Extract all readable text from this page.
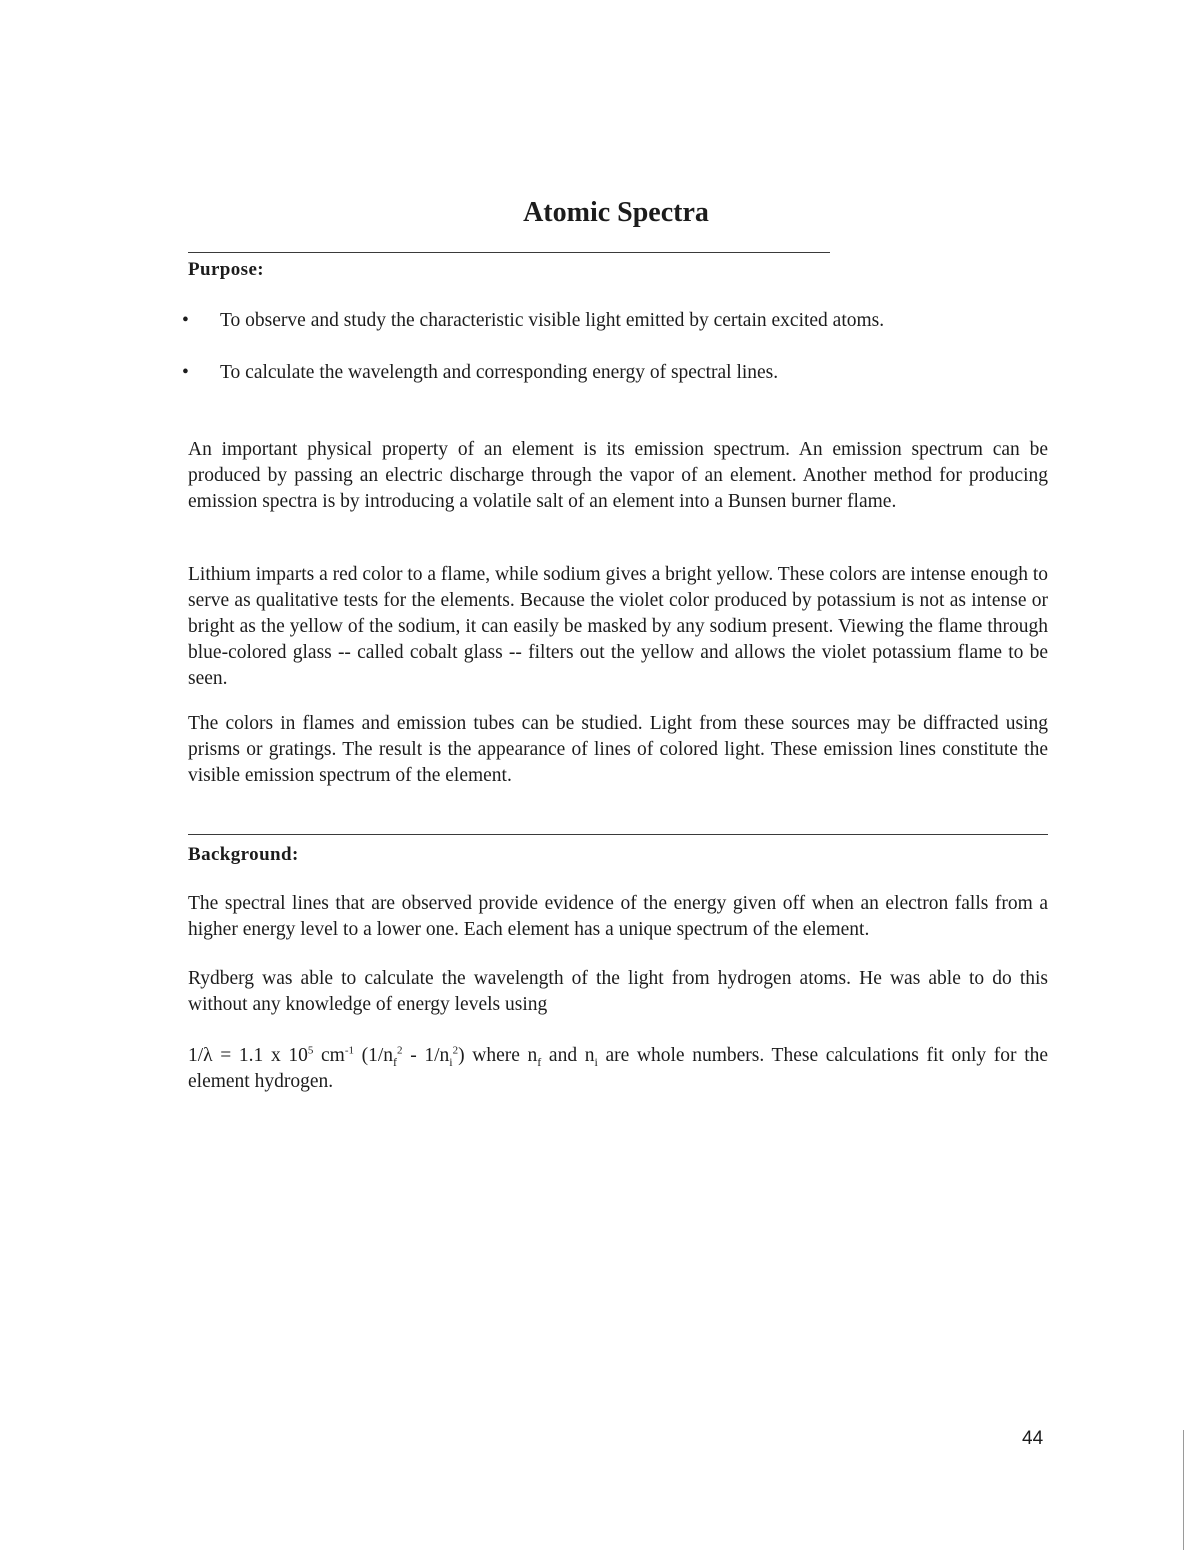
Atomic Spectra
Purpose:
• To observe and study the characteristic visible light emitted by certain excited atoms.
• To calculate the wavelength and corresponding energy of spectral lines.

An important physical property of an element is its emission spectrum. An emission spectrum can be produced by passing an electric discharge through the vapor of an element. Another method for producing emission spectra is by introducing a volatile salt of an element into a Bunsen burner flame.

Lithium imparts a red color to a flame, while sodium gives a bright yellow. These colors are intense enough to serve as qualitative tests for the elements. Because the violet color produced by potassium is not as intense or bright as the yellow of the sodium, it can easily be masked by any sodium present. Viewing the flame through blue-colored glass -- called cobalt glass -- filters out the yellow and allows the violet potassium flame to be seen.

The colors in flames and emission tubes can be studied. Light from these sources may be diffracted using prisms or gratings. The result is the appearance of lines of colored light. These emission lines constitute the visible emission spectrum of the element.

Background:

The spectral lines that are observed provide evidence of the energy given off when an electron falls from a higher energy level to a lower one. Each element has a unique spectrum of the element.

Rydberg was able to calculate the wavelength of the light from hydrogen atoms. He was able to do this without any knowledge of energy levels using

1/λ = 1.1 x $10^5$ $cm^{-1}$ $(1/n_f^2 - 1/n_i^2)$ where $n_f$ and $n_i$ are whole numbers. These calculations fit only for the element hydrogen.

44
